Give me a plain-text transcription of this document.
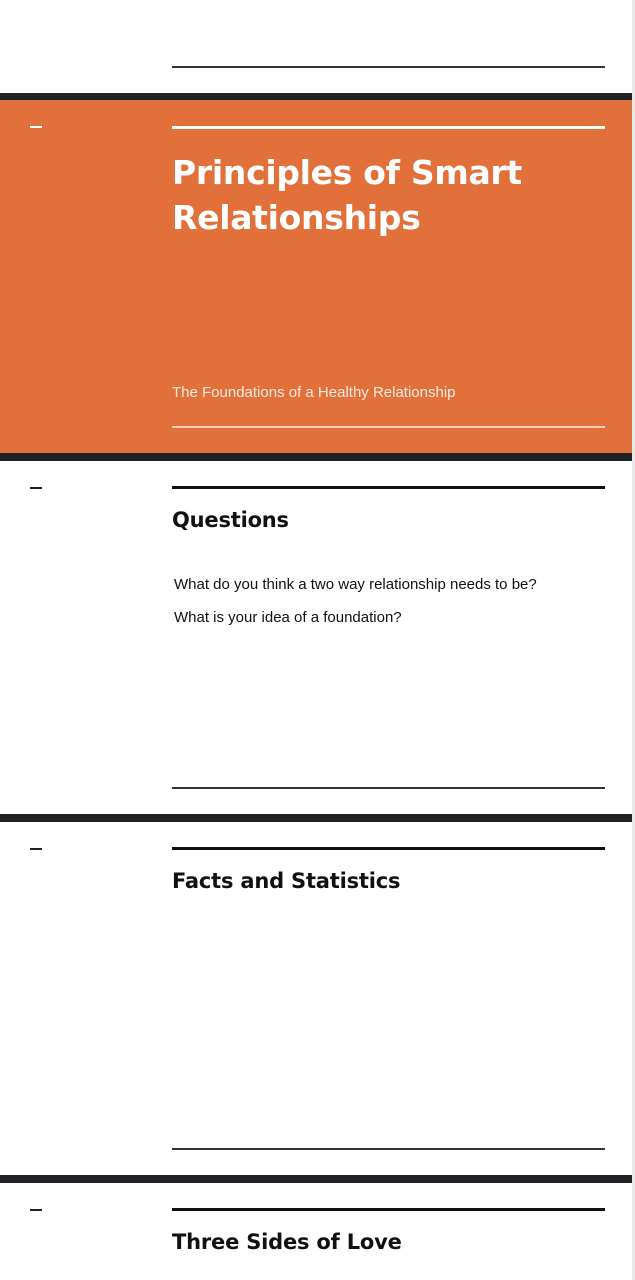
Principles of Smart Relationships
The Foundations of a Healthy Relationship
Questions
What do you think a two way relationship needs to be?
What is your idea of a foundation?
Facts and Statistics
Three Sides of Love
